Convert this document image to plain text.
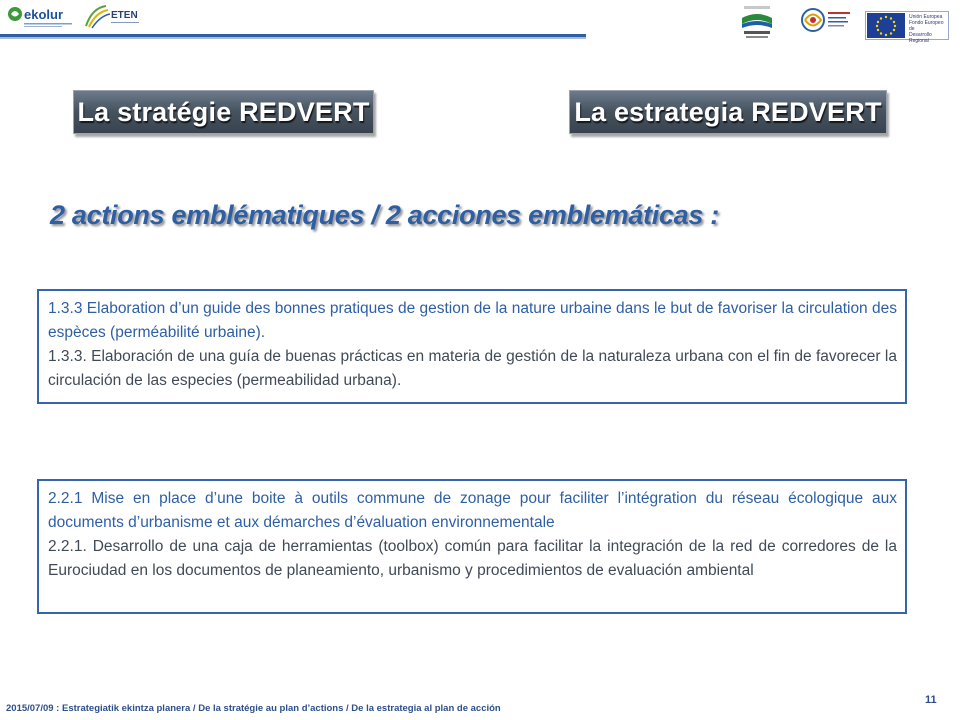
ekolur	ETEN	Unión Europea
Fondo Europeo de
Desarrollo Regional
La stratégie REDVERT	La estrategia REDVERT
2 actions emblématiques / 2 acciones emblemáticas :

1.3.3 Elaboration d’un guide des bonnes pratiques de gestion de la nature urbaine dans le but de favoriser la circulation des espèces (perméabilité urbaine).

1.3.3. Elaboración de una guía de buenas prácticas en materia de gestión de la naturaleza urbana con el fin de favorecer la circulación de las especies (permeabilidad urbana).

2.2.1 Mise en place d’une boite à outils commune de zonage pour faciliter l’intégration du réseau écologique aux documents d’urbanisme et aux démarches d’évaluation environnementale

2.2.1. Desarrollo de una caja de herramientas (toolbox) común para facilitar la integración de la red de corredores de la Eurociudad en los documentos de planeamiento, urbanismo y procedimientos de evaluación ambiental

2015/07/09 : Estrategiatik ekintza planera / De la stratégie au plan d’actions / De la estrategia al plan de acción
11
